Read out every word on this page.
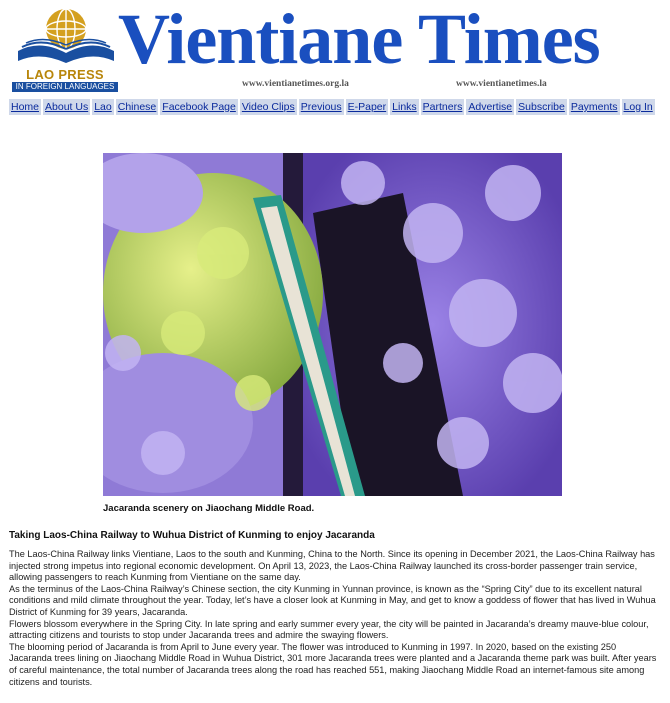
LAO PRESS
IN FOREIGN LANGUAGES
Vientiane Times
www.vientianetimes.org.la	www.vientianetimes.la
Home About Us Lao Chinese Facebook Page Video Clips Previous E-Paper Links Partners Advertise Subscribe Payments Log In
Jacaranda scenery on Jiaochang Middle Road.
Taking Laos-China Railway to Wuhua District of Kunming to enjoy Jacaranda

The Laos-China Railway links Vientiane, Laos to the south and Kunming, China to the North. Since its opening in December 2021, the Laos-China Railway has injected strong impetus into regional economic development. On April 13, 2023, the Laos-China Railway launched its cross-border passenger train service, allowing passengers to reach Kunming from Vientiane on the same day.

As the terminus of the Laos-China Railway’s Chinese section, the city Kunming in Yunnan province, is known as the “Spring City” due to its excellent natural conditions and mild climate throughout the year. Today, let’s have a closer look at Kunming in May, and get to know a goddess of flower that has lived in Wuhua District of Kunming for 39 years, Jacaranda.

Flowers blossom everywhere in the Spring City. In late spring and early summer every year, the city will be painted in Jacaranda’s dreamy mauve-blue colour, attracting citizens and tourists to stop under Jacaranda trees and admire the swaying flowers.

The blooming period of Jacaranda is from April to June every year. The flower was introduced to Kunming in 1997. In 2020, based on the existing 250 Jacaranda trees lining on Jiaochang Middle Road in Wuhua District, 301 more Jacaranda trees were planted and a Jacaranda theme park was built. After years of careful maintenance, the total number of Jacaranda trees along the road has reached 551, making Jiaochang Middle Road an internet-famous site among citizens and tourists.
